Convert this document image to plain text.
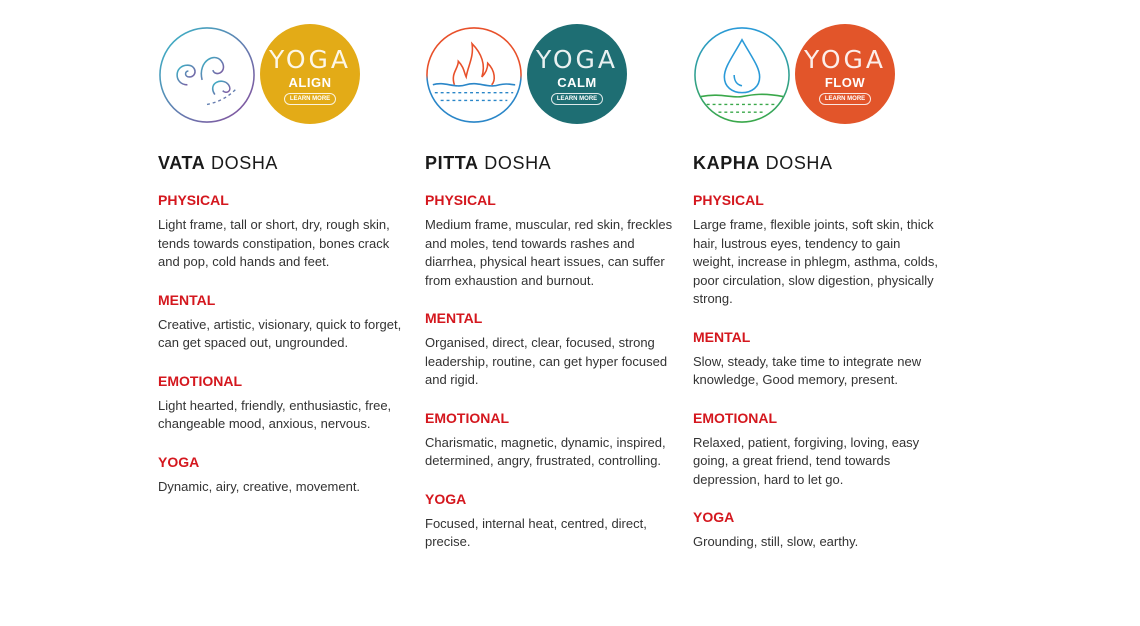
YOGA
ALIGN
LEARN MORE
VATA DOSHA
PHYSICAL

Light frame, tall or short, dry, rough skin, tends towards constipation, bones crack and pop, cold hands and feet.

MENTAL

Creative, artistic, visionary, quick to forget, can get spaced out, ungrounded.

EMOTIONAL

Light hearted, friendly, enthusiastic, free, changeable mood, anxious, nervous.

YOGA

Dynamic, airy, creative, movement.

YOGA
CALM
LEARN MORE
PITTA DOSHA
PHYSICAL

Medium frame, muscular, red skin, freckles and moles, tend towards rashes and diarrhea, physical heart issues, can suffer from exhaustion and burnout.

MENTAL

Organised, direct, clear, focused, strong leadership, routine, can get hyper focused and rigid.

EMOTIONAL

Charismatic, magnetic, dynamic, inspired, determined, angry, frustrated, controlling.

YOGA

Focused, internal heat, centred, direct, precise.

YOGA
FLOW
LEARN MORE
KAPHA DOSHA
PHYSICAL

Large frame, flexible joints, soft skin, thick hair, lustrous eyes, tendency to gain weight, increase in phlegm, asthma, colds, poor circulation, slow digestion, physically strong.

MENTAL

Slow, steady, take time to integrate new knowledge, Good memory, present.

EMOTIONAL

Relaxed, patient, forgiving, loving, easy going, a great friend, tend towards depression, hard to let go.

YOGA

Grounding, still, slow, earthy.
